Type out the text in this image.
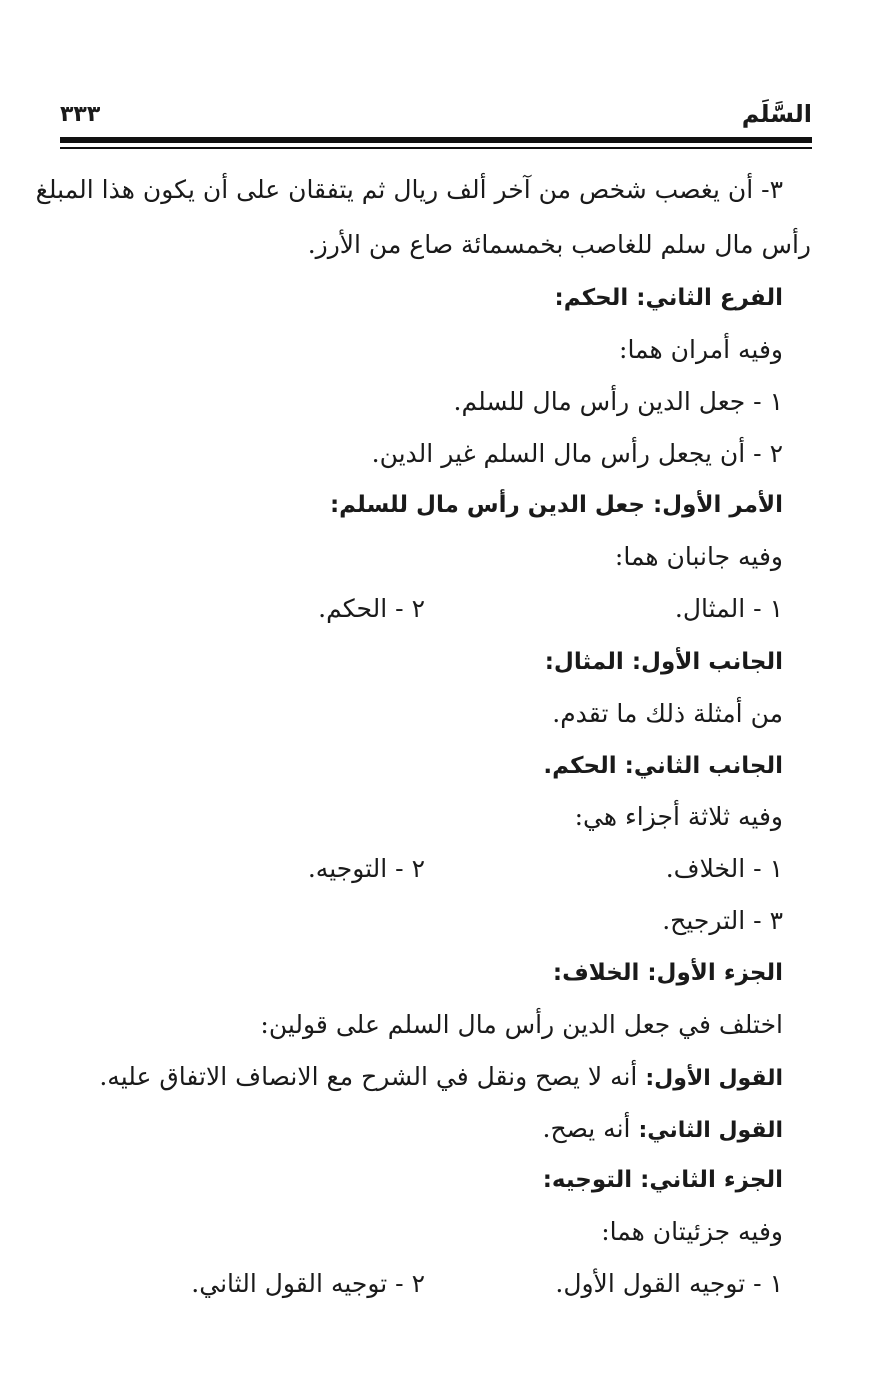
السَّلَم
٣٣٣
٣- أن يغصب شخص من آخر ألف ريال ثم يتفقان على أن يكون هذا المبلغ
رأس مال سلم للغاصب بخمسمائة صاع من الأرز.
الفرع الثاني: الحكم:
وفيه أمران هما:
١ - جعل الدين رأس مال للسلم.
٢ - أن يجعل رأس مال السلم غير الدين.
الأمر الأول: جعل الدين رأس مال للسلم:
وفيه جانبان هما:
١ - المثال.
٢ - الحكم.
الجانب الأول: المثال:
من أمثلة ذلك ما تقدم.
الجانب الثاني: الحكم.
وفيه ثلاثة أجزاء هي:
١ - الخلاف.
٢ - التوجيه.
٣ - الترجيح.
الجزء الأول: الخلاف:
اختلف في جعل الدين رأس مال السلم على قولين:
القول الأول: أنه لا يصح ونقل في الشرح مع الانصاف الاتفاق عليه.
القول الثاني: أنه يصح.
الجزء الثاني: التوجيه:
وفيه جزئيتان هما:
١ - توجيه القول الأول.
٢ - توجيه القول الثاني.
